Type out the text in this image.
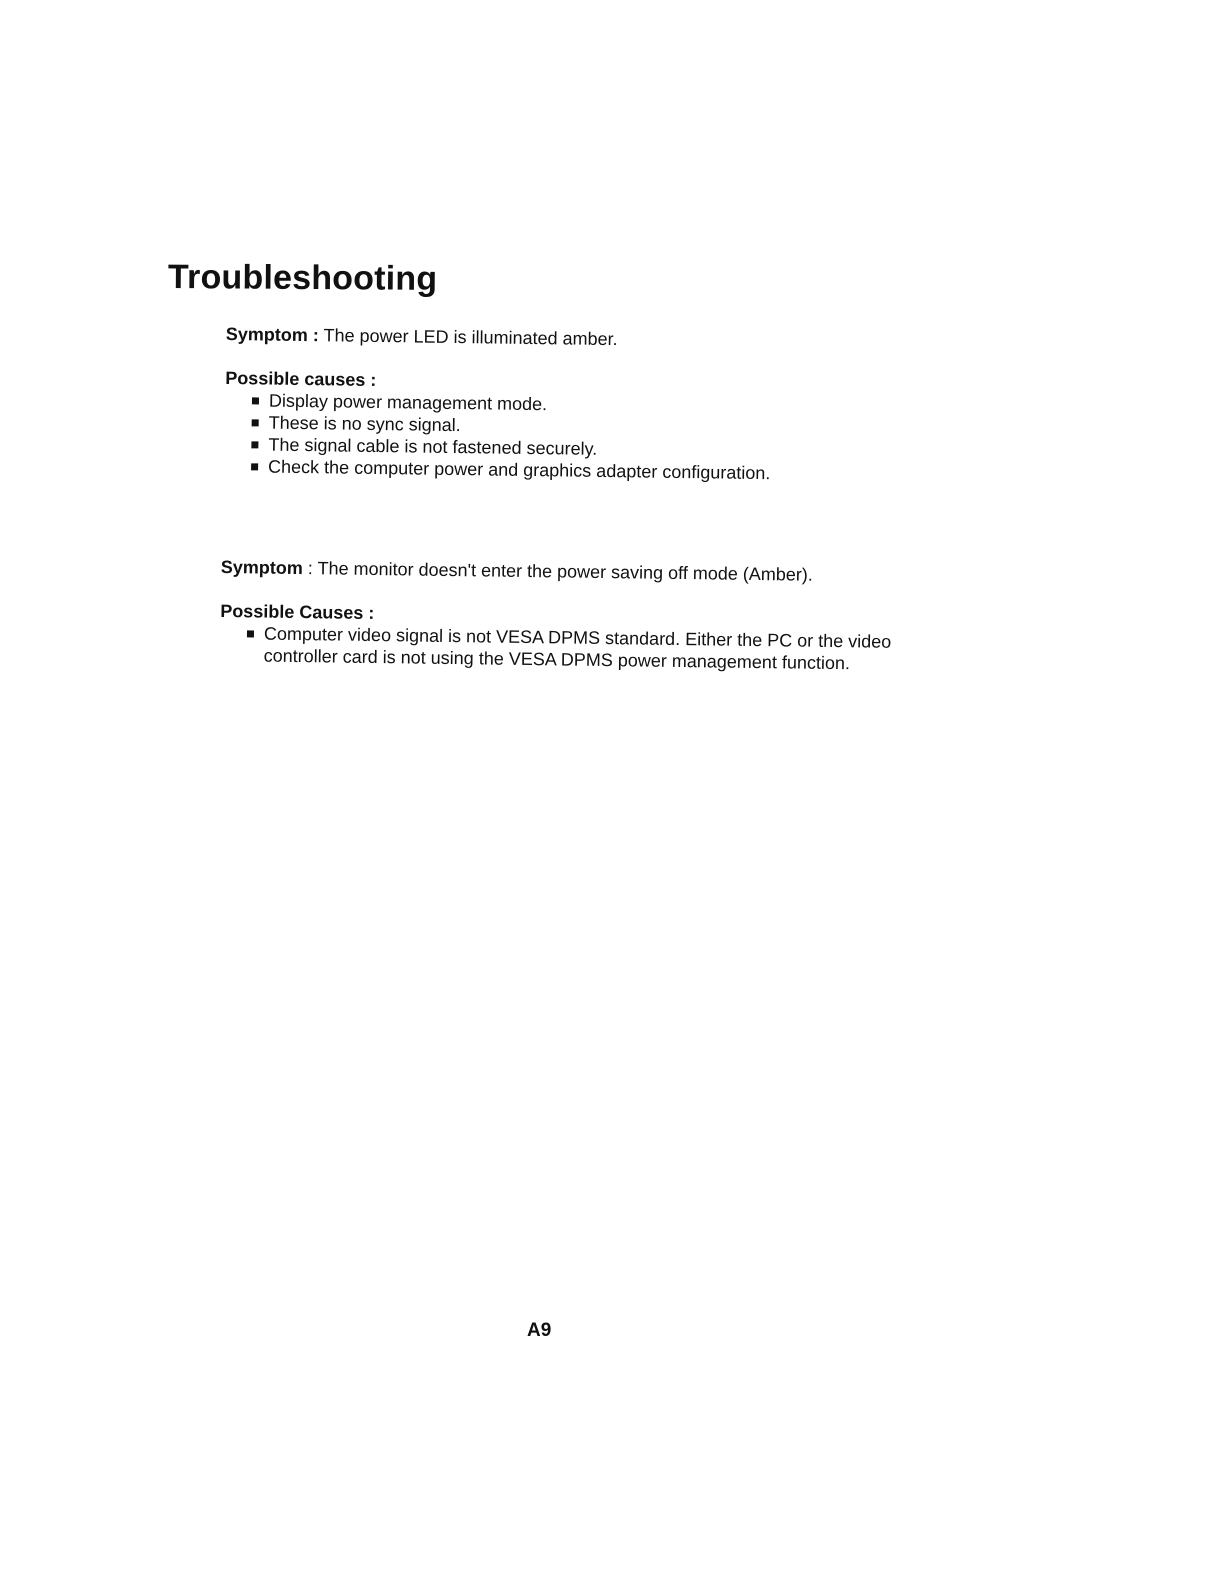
Troubleshooting

Symptom : The power LED is illuminated amber.

Possible causes :
Display power management mode.
These is no sync signal.
The signal cable is not fastened securely.
Check the computer power and graphics adapter configuration.

Symptom : The monitor doesn't enter the power saving off mode (Amber).

Possible Causes :
Computer video signal is not VESA DPMS standard. Either the PC or the video controller card is not using the VESA DPMS power management function.
A9
